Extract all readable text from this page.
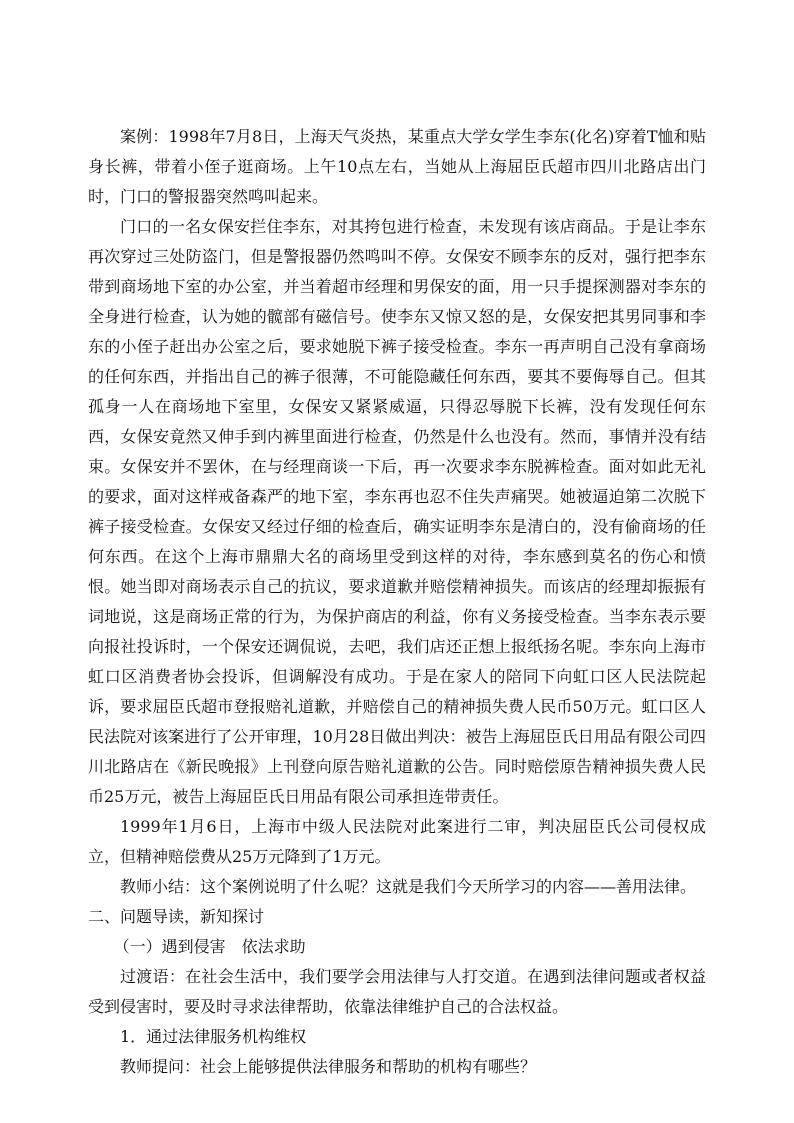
案例：1998年7月8日，上海天气炎热，某重点大学女学生李东(化名)穿着T恤和贴身长裤，带着小侄子逛商场。上午10点左右，当她从上海屈臣氏超市四川北路店出门时，门口的警报器突然鸣叫起来。

门口的一名女保安拦住李东，对其挎包进行检查，未发现有该店商品。于是让李东再次穿过三处防盗门，但是警报器仍然鸣叫不停。女保安不顾李东的反对，强行把李东带到商场地下室的办公室，并当着超市经理和男保安的面，用一只手提探测器对李东的全身进行检查，认为她的髋部有磁信号。使李东又惊又怒的是，女保安把其男同事和李东的小侄子赶出办公室之后，要求她脱下裤子接受检查。李东一再声明自己没有拿商场的任何东西，并指出自己的裤子很薄，不可能隐藏任何东西，要其不要侮辱自己。但其孤身一人在商场地下室里，女保安又紧紧威逼，只得忍辱脱下长裤，没有发现任何东西，女保安竟然又伸手到内裤里面进行检查，仍然是什么也没有。然而，事情并没有结束。女保安并不罢休，在与经理商谈一下后，再一次要求李东脱裤检查。面对如此无礼的要求，面对这样戒备森严的地下室，李东再也忍不住失声痛哭。她被逼迫第二次脱下裤子接受检查。女保安又经过仔细的检查后，确实证明李东是清白的，没有偷商场的任何东西。在这个上海市鼎鼎大名的商场里受到这样的对待，李东感到莫名的伤心和愤恨。她当即对商场表示自己的抗议，要求道歉并赔偿精神损失。而该店的经理却振振有词地说，这是商场正常的行为，为保护商店的利益，你有义务接受检查。当李东表示要向报社投诉时，一个保安还调侃说，去吧，我们店还正想上报纸扬名呢。李东向上海市虹口区消费者协会投诉，但调解没有成功。于是在家人的陪同下向虹口区人民法院起诉，要求屈臣氏超市登报赔礼道歉，并赔偿自己的精神损失费人民币50万元。虹口区人民法院对该案进行了公开审理，10月28日做出判决：被告上海屈臣氏日用品有限公司四川北路店在《新民晚报》上刊登向原告赔礼道歉的公告。同时赔偿原告精神损失费人民币25万元，被告上海屈臣氏日用品有限公司承担连带责任。

1999年1月6日，上海市中级人民法院对此案进行二审，判决屈臣氏公司侵权成立，但精神赔偿费从25万元降到了1万元。

教师小结：这个案例说明了什么呢？这就是我们今天所学习的内容——善用法律。

二、问题导读，新知探讨

（一）遇到侵害　依法求助

过渡语：在社会生活中，我们要学会用法律与人打交道。在遇到法律问题或者权益受到侵害时，要及时寻求法律帮助，依靠法律维护自己的合法权益。

1．通过法律服务机构维权

教师提问：社会上能够提供法律服务和帮助的机构有哪些？
